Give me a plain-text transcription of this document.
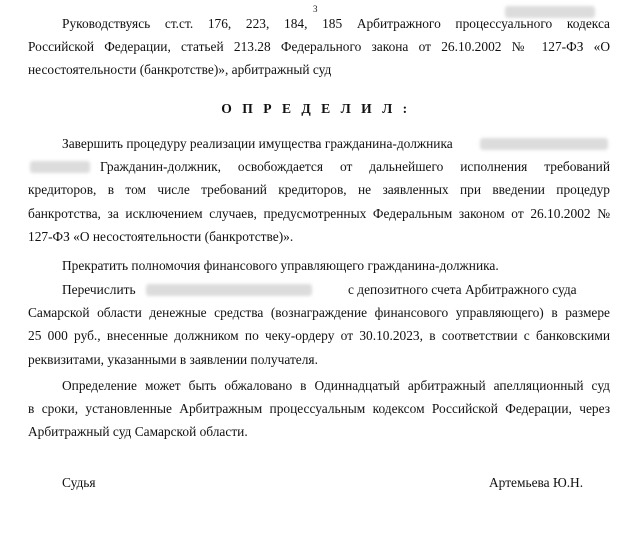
3
Руководствуясь ст.ст. 176, 223, 184, 185 Арбитражного процессуального кодекса
Российской Федерации, статьей 213.28 Федерального закона от 26.10.2002 № 127-ФЗ «О
несостоятельности (банкротстве)», арбитражный суд
О П Р Е Д Е Л И Л :
Завершить процедуру реализации имущества гражданина-должника
Гражданин-должник, освобождается от дальнейшего исполнения требований
кредиторов, в том числе требований кредиторов, не заявленных при введении процедур
банкротства, за исключением случаев, предусмотренных Федеральным законом от 26.10.2002 №
127-ФЗ «О несостоятельности (банкротстве)».
Прекратить полномочия финансового управляющего гражданина-должника.
Перечислить	с депозитного счета Арбитражного суда
Самарской области денежные средства (вознаграждение финансового управляющего) в размере
25 000 руб., внесенные должником по чеку-ордеру от 30.10.2023, в соответствии с банковскими
реквизитами, указанными в заявлении получателя.
Определение может быть обжаловано в Одиннадцатый арбитражный апелляционный суд
в сроки, установленные Арбитражным процессуальным кодексом Российской Федерации, через
Арбитражный суд Самарской области.
Судья	Артемьева Ю.Н.
